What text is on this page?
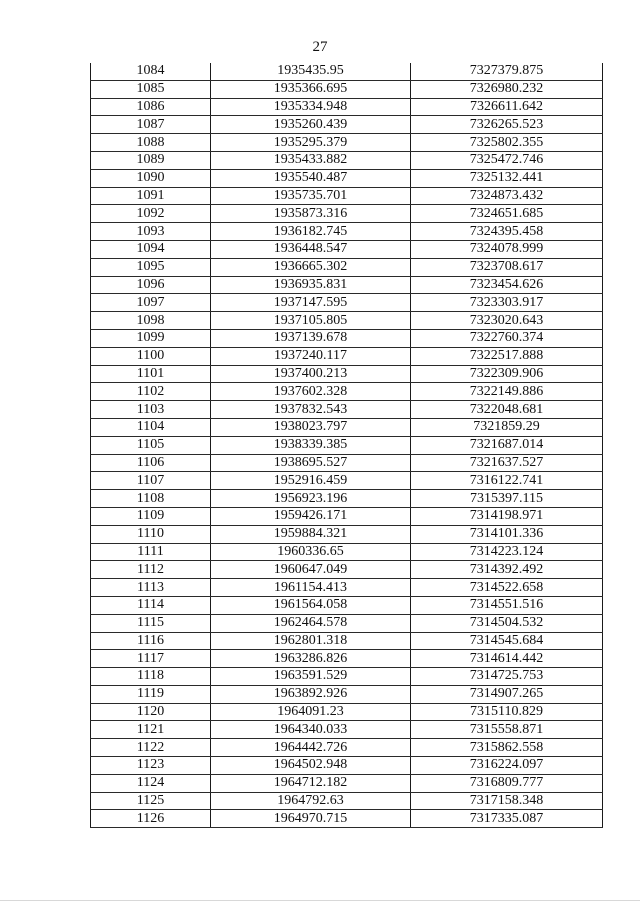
27
1084	1935435.95	7327379.875
1085	1935366.695	7326980.232
1086	1935334.948	7326611.642
1087	1935260.439	7326265.523
1088	1935295.379	7325802.355
1089	1935433.882	7325472.746
1090	1935540.487	7325132.441
1091	1935735.701	7324873.432
1092	1935873.316	7324651.685
1093	1936182.745	7324395.458
1094	1936448.547	7324078.999
1095	1936665.302	7323708.617
1096	1936935.831	7323454.626
1097	1937147.595	7323303.917
1098	1937105.805	7323020.643
1099	1937139.678	7322760.374
1100	1937240.117	7322517.888
1101	1937400.213	7322309.906
1102	1937602.328	7322149.886
1103	1937832.543	7322048.681
1104	1938023.797	7321859.29
1105	1938339.385	7321687.014
1106	1938695.527	7321637.527
1107	1952916.459	7316122.741
1108	1956923.196	7315397.115
1109	1959426.171	7314198.971
1110	1959884.321	7314101.336
1111	1960336.65	7314223.124
1112	1960647.049	7314392.492
1113	1961154.413	7314522.658
1114	1961564.058	7314551.516
1115	1962464.578	7314504.532
1116	1962801.318	7314545.684
1117	1963286.826	7314614.442
1118	1963591.529	7314725.753
1119	1963892.926	7314907.265
1120	1964091.23	7315110.829
1121	1964340.033	7315558.871
1122	1964442.726	7315862.558
1123	1964502.948	7316224.097
1124	1964712.182	7316809.777
1125	1964792.63	7317158.348
1126	1964970.715	7317335.087
